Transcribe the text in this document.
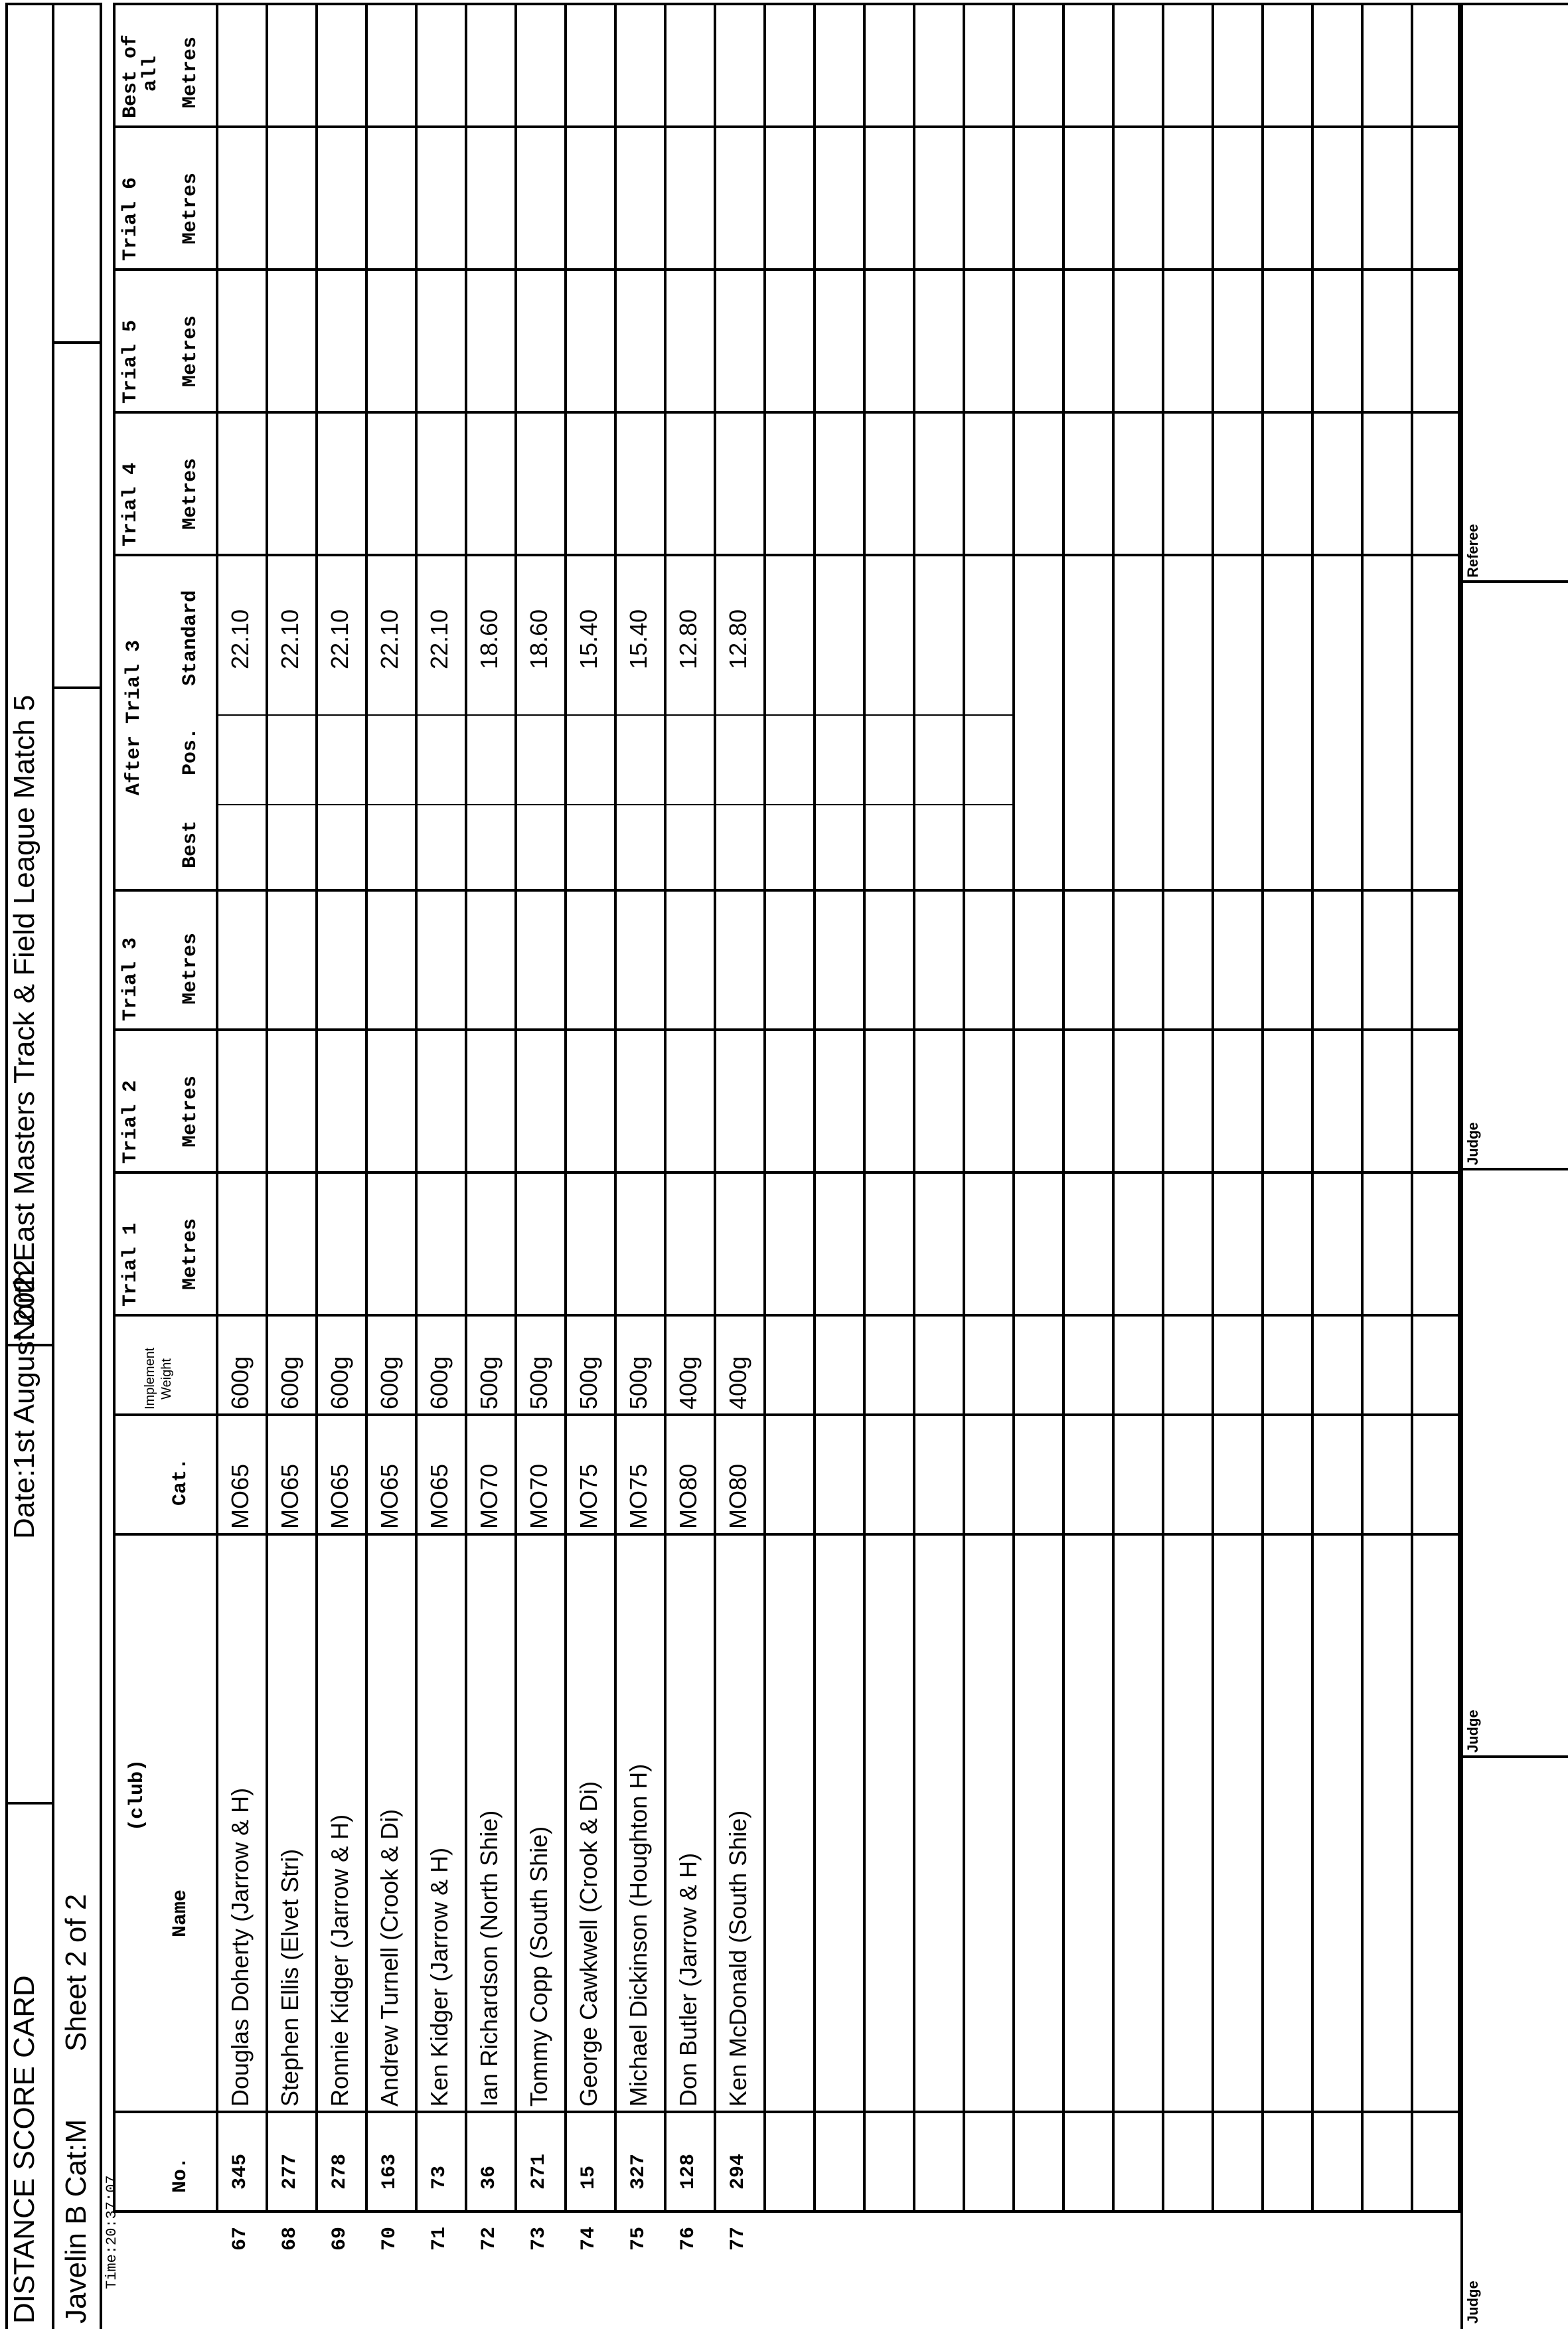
DISTANCE SCORE CARD
Date:1st August 2022
North East Masters Track & Field League Match 5
Javelin B Cat:M
Sheet 2 of 2
Time:20:37:07
No.
Name
(club)
Cat.
Implement Weight
Trial 1 Metres
Trial 2 Metres
Trial 3 Metres
After Trial 3
Best
Pos.
Standard
Trial 4 Metres
Trial 5 Metres
Trial 6 Metres
Best of
all Metres
67
345
Douglas Doherty (Jarrow & H)
MO65
600g
22.10
68
277
Stephen Ellis (Elvet Stri)
MO65
600g
22.10
69
278
Ronnie Kidger (Jarrow & H)
MO65
600g
22.10
70
163
Andrew Turnell (Crook & Di)
MO65
600g
22.10
71
73
Ken Kidger (Jarrow & H)
MO65
600g
22.10
72
36
Ian Richardson (North Shie)
MO70
500g
18.60
73
271
Tommy Copp (South Shie)
MO70
500g
18.60
74
15
George Cawkwell (Crook & Di)
MO75
500g
15.40
75
327
Michael Dickinson (Houghton H)
MO75
500g
15.40
76
128
Don Butler (Jarrow & H)
MO80
400g
12.80
77
294
Ken McDonald (South Shie)
MO80
400g
12.80
Judge
Judge
Judge
Referee
